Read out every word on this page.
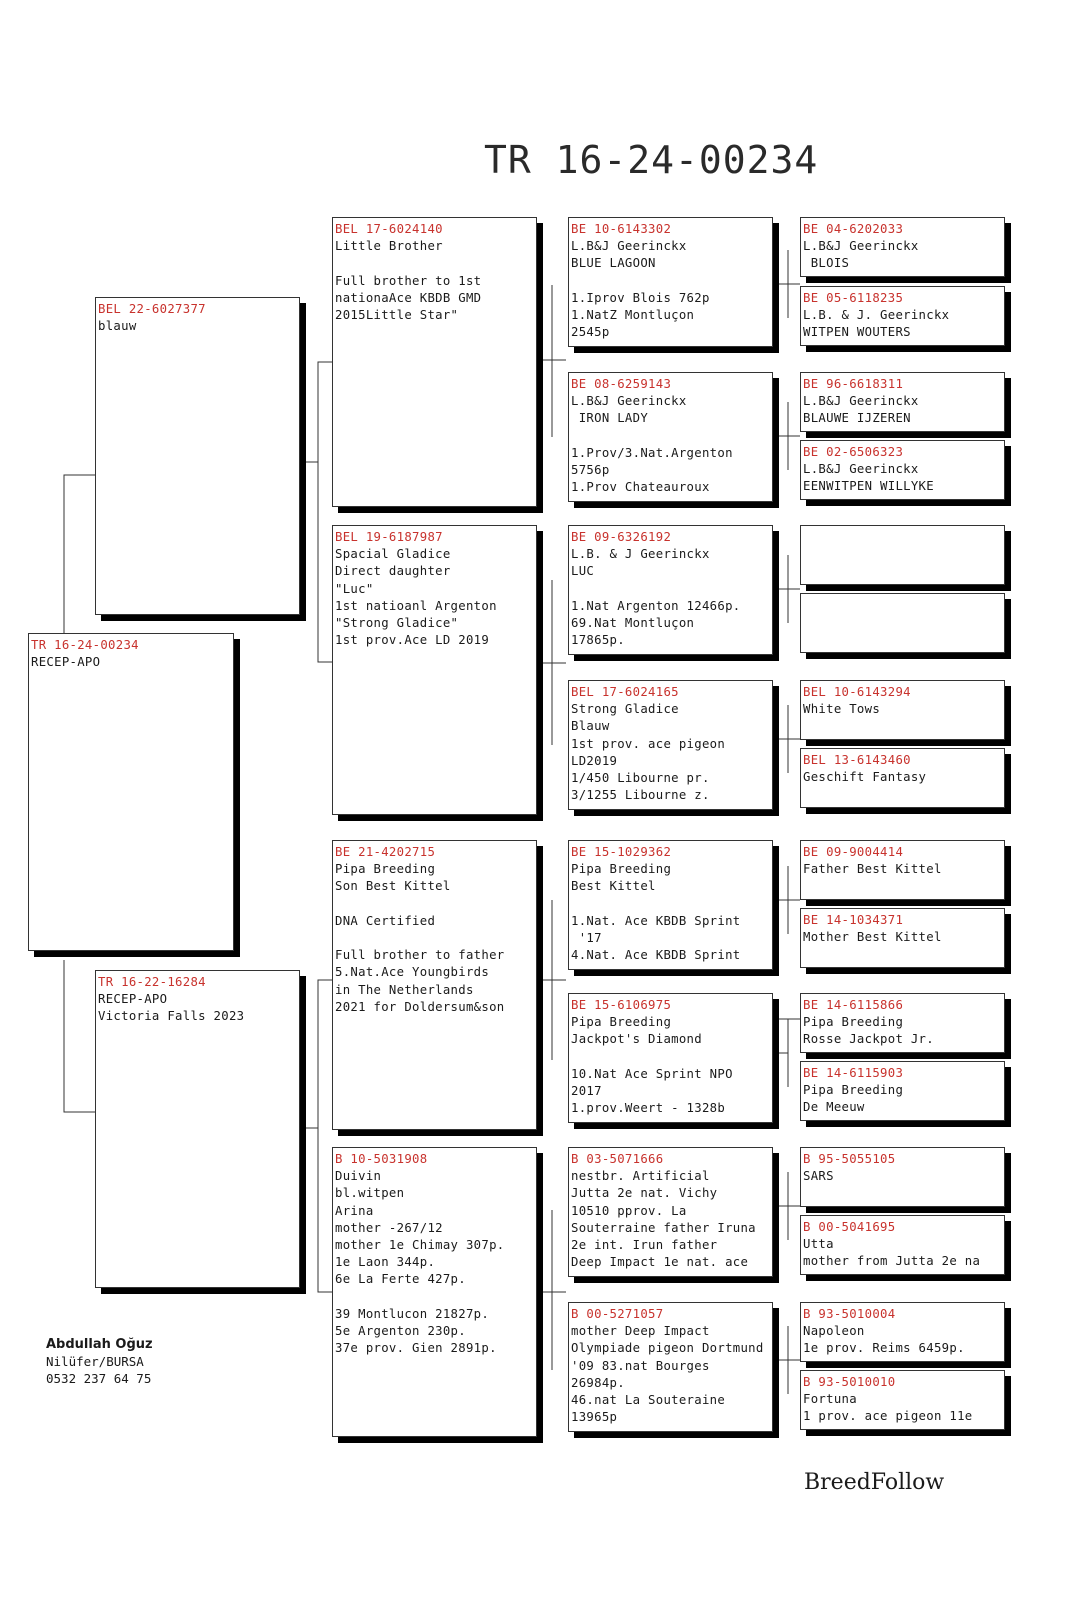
TR 16-24-00234
TR 16-24-00234
RECEP-APO
BEL 22-6027377
blauw
TR 16-22-16284
RECEP-APO
Victoria Falls 2023
BEL 17-6024140
Little Brother
Full brother to 1st
nationaAce KBDB GMD
2015Little Star"
BEL 19-6187987
Spacial Gladice
Direct daughter
"Luc"
1st natioanl Argenton
"Strong Gladice"
1st prov.Ace LD 2019
BE 21-4202715
Pipa Breeding
Son Best Kittel
DNA Certified
Full brother to father
5.Nat.Ace Youngbirds
in The Netherlands
2021 for Doldersum&son
B 10-5031908
Duivin
bl.witpen
Arina
mother -267/12
mother 1e Chimay 307p.
1e Laon 344p.
6e La Ferte 427p.
39 Montlucon 21827p.
5e Argenton 230p.
37e prov. Gien 2891p.
BE 10-6143302
L.B&J Geerinckx
BLUE LAGOON
1.Iprov Blois 762p
1.NatZ Montluçon
2545p
BE 08-6259143
L.B&J Geerinckx
IRON LADY
1.Prov/3.Nat.Argenton
5756p
1.Prov Chateauroux
BE 09-6326192
L.B. & J Geerinckx
LUC
1.Nat Argenton 12466p.
69.Nat Montluçon
17865p.
BEL 17-6024165
Strong Gladice
Blauw
1st prov. ace pigeon
LD2019
1/450 Libourne pr.
3/1255 Libourne z.
BE 15-1029362
Pipa Breeding
Best Kittel
1.Nat. Ace KBDB Sprint
'17
4.Nat. Ace KBDB Sprint
BE 15-6106975
Pipa Breeding
Jackpot's Diamond
10.Nat Ace Sprint NPO
2017
1.prov.Weert - 1328b
B 03-5071666
nestbr. Artificial
Jutta 2e nat. Vichy
10510 pprov. La
Souterraine father Iruna
2e int. Irun father
Deep Impact 1e nat. ace
B 00-5271057
mother Deep Impact
Olympiade pigeon Dortmund
'09 83.nat Bourges
26984p.
46.nat La Souteraine
13965p
BE 04-6202033
L.B&J Geerinckx
BLOIS
BE 05-6118235
L.B. & J. Geerinckx
WITPEN WOUTERS
BE 96-6618311
L.B&J Geerinckx
BLAUWE IJZEREN
BE 02-6506323
L.B&J Geerinckx
EENWITPEN WILLYKE
BEL 10-6143294
White Tows
BEL 13-6143460
Geschift Fantasy
BE 09-9004414
Father Best Kittel
BE 14-1034371
Mother Best Kittel
BE 14-6115866
Pipa Breeding
Rosse Jackpot Jr.
BE 14-6115903
Pipa Breeding
De Meeuw
B 95-5055105
SARS
B 00-5041695
Utta
mother from Jutta 2e na
B 93-5010004
Napoleon
1e prov. Reims 6459p.
B 93-5010010
Fortuna
1 prov. ace pigeon 11e
Abdullah Oğuz
Nilüfer/BURSA
0532 237 64 75
BreedFollow
